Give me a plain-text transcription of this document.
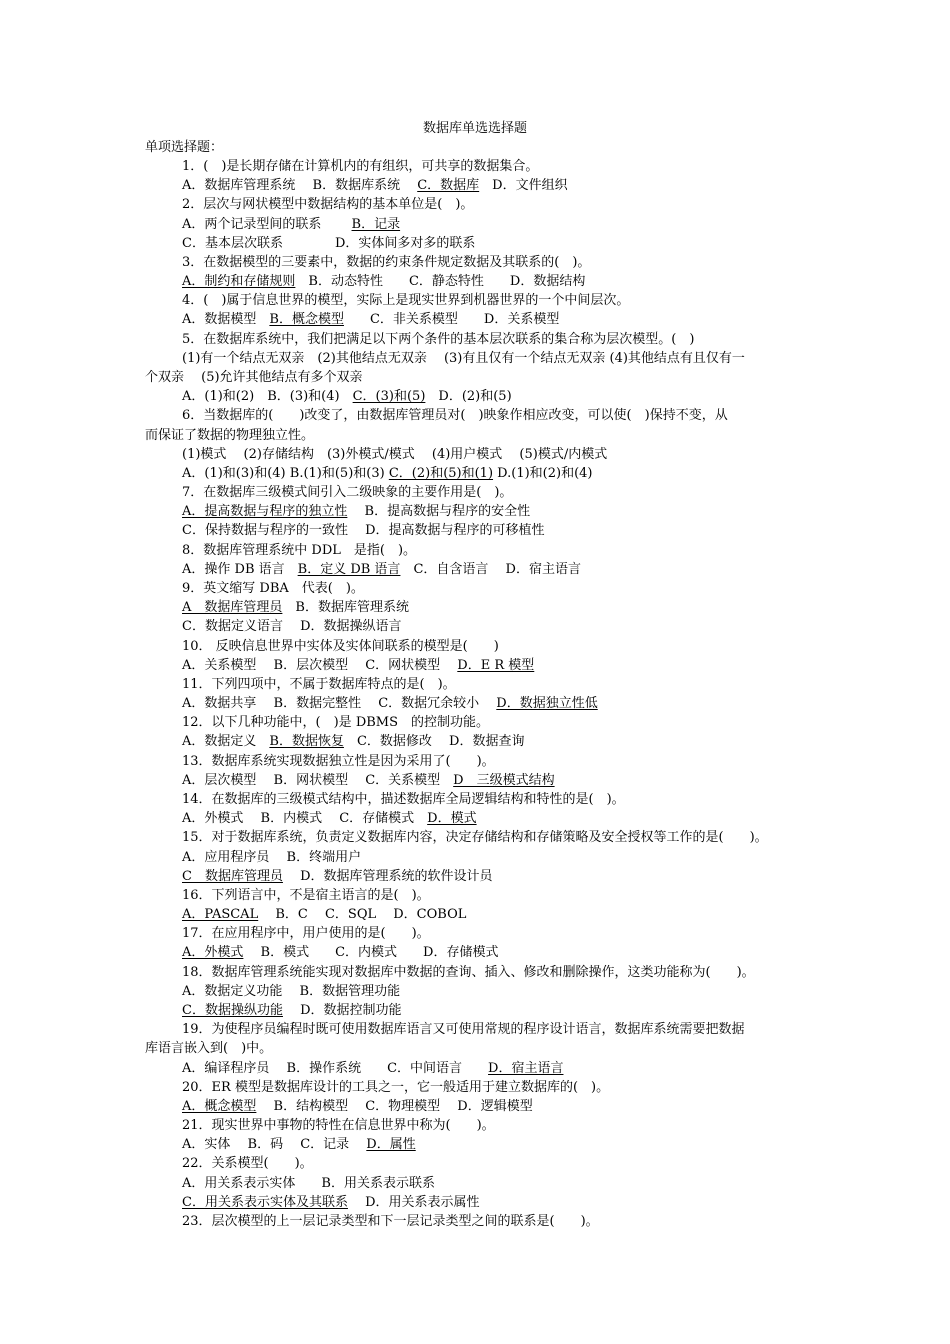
数据库单选选择题
单项选择题：
1．(　)是长期存储在计算机内的有组织，可共享的数据集合。
A．数据库管理系统　 B．数据库系统　 C．数据库　D．文件组织
2．层次与网状模型中数据结构的基本单位是(　)。
A．两个记录型间的联系　　 B．记录
C．基本层次联系　　　　D．实体间多对多的联系
3．在数据模型的三要素中，数据的约束条件规定数据及其联系的(　)。
A．制约和存储规则　B．动态特性　　C．静态特性　　D．数据结构
4．(　)属于信息世界的模型，实际上是现实世界到机器世界的一个中间层次。
A．数据模型　B．概念模型　　C．非关系模型　　D．关系模型
5．在数据库系统中，我们把满足以下两个条件的基本层次联系的集合称为层次模型。(　)
(1)有一个结点无双亲　(2)其他结点无双亲　 (3)有且仅有一个结点无双亲 (4)其他结点有且仅有一
个双亲　 (5)允许其他结点有多个双亲
A．(1)和(2)　B．(3)和(4)　C．(3)和(5)　D．(2)和(5)
6．当数据库的(　　)改变了，由数据库管理员对(　)映象作相应改变，可以使(　)保持不变，从
而保证了数据的物理独立性。
(1)模式　 (2)存储结构　(3)外模式/模式　 (4)用户模式　 (5)模式/内模式
A．(1)和(3)和(4) B.(1)和(5)和(3) C．(2)和(5)和(1) D.(1)和(2)和(4)
7．在数据库三级模式间引入二级映象的主要作用是(　)。
A．提高数据与程序的独立性　 B．提高数据与程序的安全性
C．保持数据与程序的一致性　 D．提高数据与程序的可移植性
8．数据库管理系统中 DDL　是指(　)。
A．操作 DB 语言　B．定义 DB 语言　C．自含语言　 D．宿主语言
9．英文缩写 DBA　代表(　)。
A　数据库管理员　B．数据库管理系统
C．数据定义语言　 D．数据操纵语言
10． 反映信息世界中实体及实体间联系的模型是(　　)
A．关系模型　 B．层次模型　 C．网状模型　 D．E R 模型
11．下列四项中，不属于数据库特点的是(　)。
A．数据共享　 B．数据完整性　 C．数据冗余较小　 D．数据独立性低
12．以下几种功能中，(　)是 DBMS　的控制功能。
A．数据定义　B．数据恢复　C．数据修改　 D．数据查询
13．数据库系统实现数据独立性是因为采用了(　　)。
A．层次模型　 B．网状模型　 C．关系模型　D　三级模式结构
14．在数据库的三级模式结构中，描述数据库全局逻辑结构和特性的是(　)。
A．外模式　 B．内模式　 C．存储模式　D．模式
15．对于数据库系统，负责定义数据库内容，决定存储结构和存储策略及安全授权等工作的是(　　)。
A．应用程序员　 B．终端用户
C　数据库管理员　 D．数据库管理系统的软件设计员
16．下列语言中，不是宿主语言的是(　)。
A．PASCAL　 B．C　 C．SQL　 D．COBOL
17．在应用程序中，用户使用的是(　　)。
A．外模式　 B．模式　　C．内模式　　D．存储模式
18．数据库管理系统能实现对数据库中数据的查询、插入、修改和删除操作，这类功能称为(　　)。
A．数据定义功能　 B．数据管理功能
C．数据操纵功能　 D．数据控制功能
19．为使程序员编程时既可使用数据库语言又可使用常规的程序设计语言，数据库系统需要把数据
库语言嵌入到(　)中。
A．编译程序员　 B．操作系统　　C．中间语言　　D．宿主语言
20．ER 模型是数据库设计的工具之一，它一般适用于建立数据库的(　)。
A．概念模型　 B．结构模型　 C．物理模型　 D．逻辑模型
21．现实世界中事物的特性在信息世界中称为(　　)。
A．实体　 B．码　 C．记录　 D．属性
22．关系模型(　　)。
A．用关系表示实体　　B．用关系表示联系
C．用关系表示实体及其联系　 D．用关系表示属性
23．层次模型的上一层记录类型和下一层记录类型之间的联系是(　　)。
